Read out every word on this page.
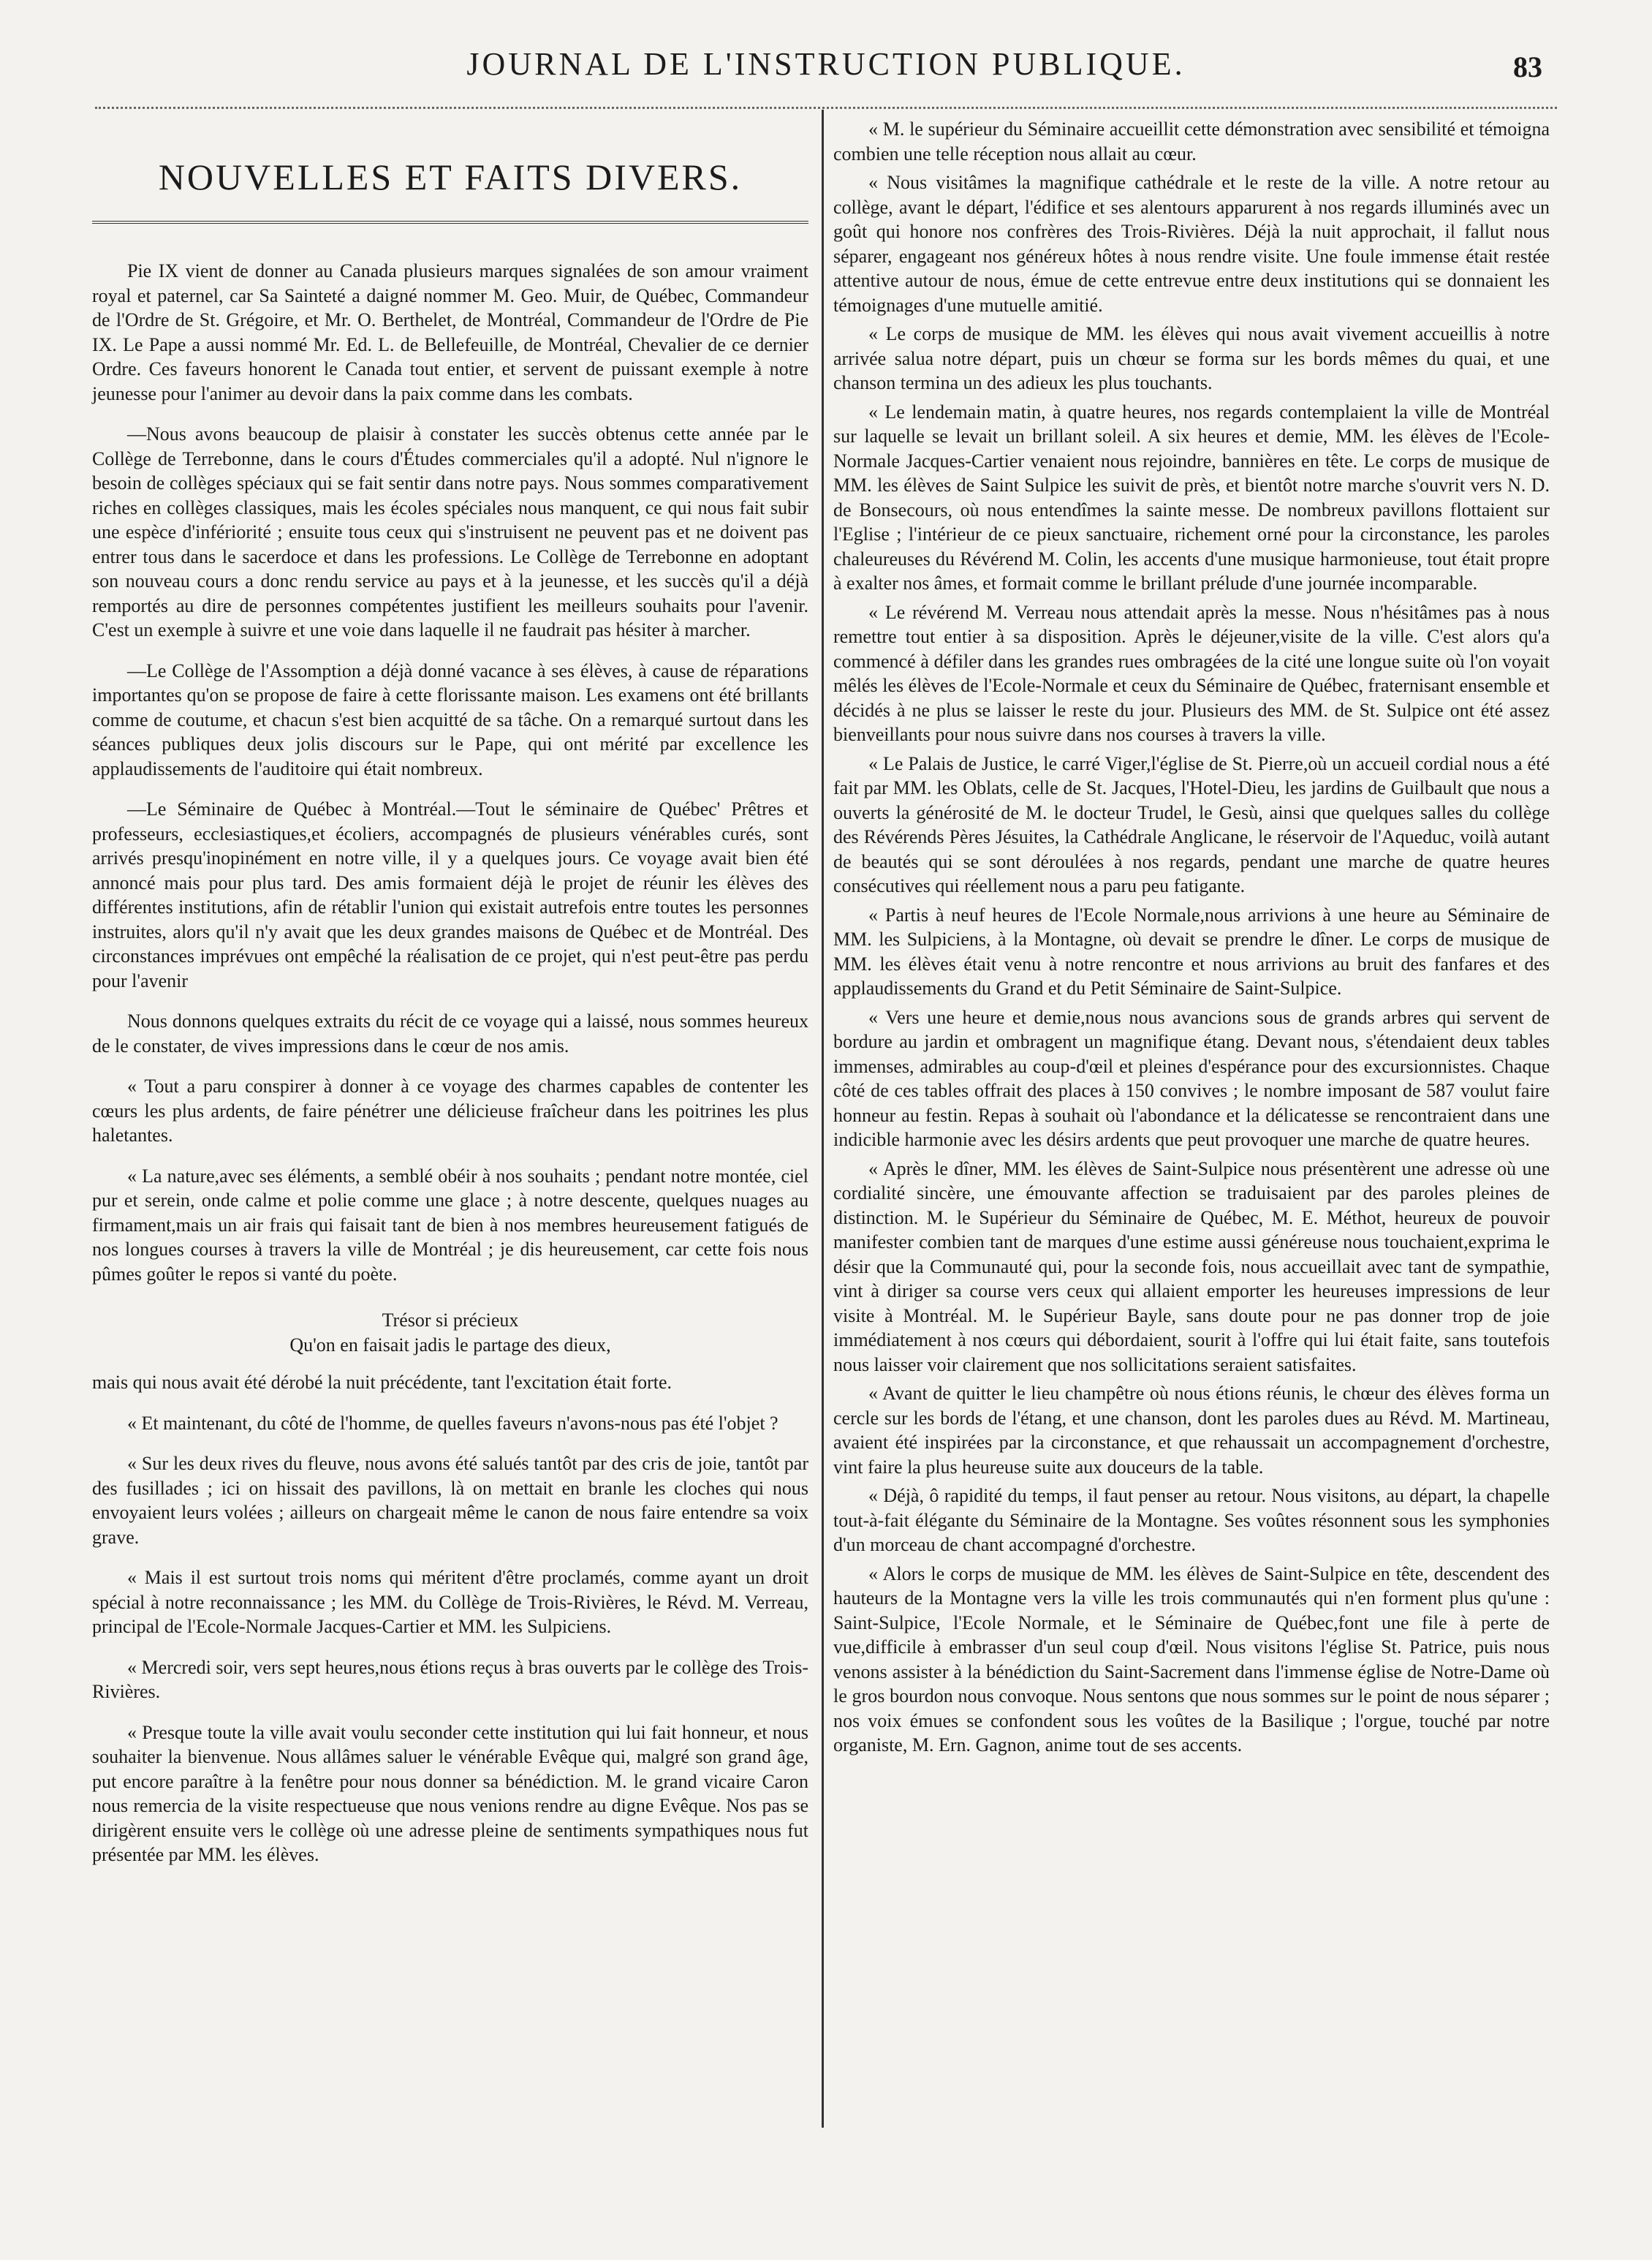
JOURNAL DE L'INSTRUCTION PUBLIQUE.	83
NOUVELLES ET FAITS DIVERS.

Pie IX vient de donner au Canada plusieurs marques signalées de son amour vraiment royal et paternel, car Sa Sainteté a daigné nommer M. Geo. Muir, de Québec, Commandeur de l'Ordre de St. Grégoire, et Mr. O. Berthelet, de Montréal, Commandeur de l'Ordre de Pie IX. Le Pape a aussi nommé Mr. Ed. L. de Bellefeuille, de Montréal, Chevalier de ce dernier Ordre. Ces faveurs honorent le Canada tout entier, et servent de puissant exemple à notre jeunesse pour l'animer au devoir dans la paix comme dans les combats.

—Nous avons beaucoup de plaisir à constater les succès obtenus cette année par le Collège de Terrebonne, dans le cours d'Études commerciales qu'il a adopté. Nul n'ignore le besoin de collèges spéciaux qui se fait sentir dans notre pays. Nous sommes comparativement riches en collèges classiques, mais les écoles spéciales nous manquent, ce qui nous fait subir une espèce d'infériorité ; ensuite tous ceux qui s'instruisent ne peuvent pas et ne doivent pas entrer tous dans le sacerdoce et dans les professions. Le Collège de Terrebonne en adoptant son nouveau cours a donc rendu service au pays et à la jeunesse, et les succès qu'il a déjà remportés au dire de personnes compétentes justifient les meilleurs souhaits pour l'avenir. C'est un exemple à suivre et une voie dans laquelle il ne faudrait pas hésiter à marcher.

—Le Collège de l'Assomption a déjà donné vacance à ses élèves, à cause de réparations importantes qu'on se propose de faire à cette florissante maison. Les examens ont été brillants comme de coutume, et chacun s'est bien acquitté de sa tâche. On a remarqué surtout dans les séances publiques deux jolis discours sur le Pape, qui ont mérité par excellence les applaudissements de l'auditoire qui était nombreux.

—Le Séminaire de Québec à Montréal.—Tout le séminaire de Québec' Prêtres et professeurs, ecclesiastiques,et écoliers, accompagnés de plusieurs vénérables curés, sont arrivés presqu'inopinément en notre ville, il y a quelques jours. Ce voyage avait bien été annoncé mais pour plus tard. Des amis formaient déjà le projet de réunir les élèves des différentes institutions, afin de rétablir l'union qui existait autrefois entre toutes les personnes instruites, alors qu'il n'y avait que les deux grandes maisons de Québec et de Montréal. Des circonstances imprévues ont empêché la réalisation de ce projet, qui n'est peut-être pas perdu pour l'avenir

Nous donnons quelques extraits du récit de ce voyage qui a laissé, nous sommes heureux de le constater, de vives impressions dans le cœur de nos amis.

« Tout a paru conspirer à donner à ce voyage des charmes capables de contenter les cœurs les plus ardents, de faire pénétrer une délicieuse fraîcheur dans les poitrines les plus haletantes.

« La nature,avec ses éléments, a semblé obéir à nos souhaits ; pendant notre montée, ciel pur et serein, onde calme et polie comme une glace ; à notre descente, quelques nuages au firmament,mais un air frais qui faisait tant de bien à nos membres heureusement fatigués de nos longues courses à travers la ville de Montréal ; je dis heureusement, car cette fois nous pûmes goûter le repos si vanté du poète.

Trésor si précieux
Qu'on en faisait jadis le partage des dieux,

mais qui nous avait été dérobé la nuit précédente, tant l'excitation était forte.

« Et maintenant, du côté de l'homme, de quelles faveurs n'avons-nous pas été l'objet ?

« Sur les deux rives du fleuve, nous avons été salués tantôt par des cris de joie, tantôt par des fusillades ; ici on hissait des pavillons, là on mettait en branle les cloches qui nous envoyaient leurs volées ; ailleurs on chargeait même le canon de nous faire entendre sa voix grave.

« Mais il est surtout trois noms qui méritent d'être proclamés, comme ayant un droit spécial à notre reconnaissance ; les MM. du Collège de Trois-Rivières, le Révd. M. Verreau, principal de l'Ecole-Normale Jacques-Cartier et MM. les Sulpiciens.

« Mercredi soir, vers sept heures,nous étions reçus à bras ouverts par le collège des Trois-Rivières.

« Presque toute la ville avait voulu seconder cette institution qui lui fait honneur, et nous souhaiter la bienvenue. Nous allâmes saluer le vénérable Evêque qui, malgré son grand âge, put encore paraître à la fenêtre pour nous donner sa bénédiction. M. le grand vicaire Caron nous remercia de la visite respectueuse que nous venions rendre au digne Evêque. Nos pas se dirigèrent ensuite vers le collège où une adresse pleine de sentiments sympathiques nous fut présentée par MM. les élèves.

« M. le supérieur du Séminaire accueillit cette démonstration avec sensibilité et témoigna combien une telle réception nous allait au cœur.

« Nous visitâmes la magnifique cathédrale et le reste de la ville. A notre retour au collège, avant le départ, l'édifice et ses alentours apparurent à nos regards illuminés avec un goût qui honore nos confrères des Trois-Rivières. Déjà la nuit approchait, il fallut nous séparer, engageant nos généreux hôtes à nous rendre visite. Une foule immense était restée attentive autour de nous, émue de cette entrevue entre deux institutions qui se donnaient les témoignages d'une mutuelle amitié.

« Le corps de musique de MM. les élèves qui nous avait vivement accueillis à notre arrivée salua notre départ, puis un chœur se forma sur les bords mêmes du quai, et une chanson termina un des adieux les plus touchants.

« Le lendemain matin, à quatre heures, nos regards contemplaient la ville de Montréal sur laquelle se levait un brillant soleil. A six heures et demie, MM. les élèves de l'Ecole-Normale Jacques-Cartier venaient nous rejoindre, bannières en tête. Le corps de musique de MM. les élèves de Saint Sulpice les suivit de près, et bientôt notre marche s'ouvrit vers N. D. de Bonsecours, où nous entendîmes la sainte messe. De nombreux pavillons flottaient sur l'Eglise ; l'intérieur de ce pieux sanctuaire, richement orné pour la circonstance, les paroles chaleureuses du Révérend M. Colin, les accents d'une musique harmonieuse, tout était propre à exalter nos âmes, et formait comme le brillant prélude d'une journée incomparable.

« Le révérend M. Verreau nous attendait après la messe. Nous n'hésitâmes pas à nous remettre tout entier à sa disposition. Après le déjeuner,visite de la ville. C'est alors qu'a commencé à défiler dans les grandes rues ombragées de la cité une longue suite où l'on voyait mêlés les élèves de l'Ecole-Normale et ceux du Séminaire de Québec, fraternisant ensemble et décidés à ne plus se laisser le reste du jour. Plusieurs des MM. de St. Sulpice ont été assez bienveillants pour nous suivre dans nos courses à travers la ville.

« Le Palais de Justice, le carré Viger,l'église de St. Pierre,où un accueil cordial nous a été fait par MM. les Oblats, celle de St. Jacques, l'Hotel-Dieu, les jardins de Guilbault que nous a ouverts la générosité de M. le docteur Trudel, le Gesù, ainsi que quelques salles du collège des Révérends Pères Jésuites, la Cathédrale Anglicane, le réservoir de l'Aqueduc, voilà autant de beautés qui se sont déroulées à nos regards, pendant une marche de quatre heures consécutives qui réellement nous a paru peu fatigante.

« Partis à neuf heures de l'Ecole Normale,nous arrivions à une heure au Séminaire de MM. les Sulpiciens, à la Montagne, où devait se prendre le dîner. Le corps de musique de MM. les élèves était venu à notre rencontre et nous arrivions au bruit des fanfares et des applaudissements du Grand et du Petit Séminaire de Saint-Sulpice.

« Vers une heure et demie,nous nous avancions sous de grands arbres qui servent de bordure au jardin et ombragent un magnifique étang. Devant nous, s'étendaient deux tables immenses, admirables au coup-d'œil et pleines d'espérance pour des excursionnistes. Chaque côté de ces tables offrait des places à 150 convives ; le nombre imposant de 587 voulut faire honneur au festin. Repas à souhait où l'abondance et la délicatesse se rencontraient dans une indicible harmonie avec les désirs ardents que peut provoquer une marche de quatre heures.

« Après le dîner, MM. les élèves de Saint-Sulpice nous présentèrent une adresse où une cordialité sincère, une émouvante affection se traduisaient par des paroles pleines de distinction. M. le Supérieur du Séminaire de Québec, M. E. Méthot, heureux de pouvoir manifester combien tant de marques d'une estime aussi généreuse nous touchaient,exprima le désir que la Communauté qui, pour la seconde fois, nous accueillait avec tant de sympathie, vint à diriger sa course vers ceux qui allaient emporter les heureuses impressions de leur visite à Montréal. M. le Supérieur Bayle, sans doute pour ne pas donner trop de joie immédiatement à nos cœurs qui débordaient, sourit à l'offre qui lui était faite, sans toutefois nous laisser voir clairement que nos sollicitations seraient satisfaites.

« Avant de quitter le lieu champêtre où nous étions réunis, le chœur des élèves forma un cercle sur les bords de l'étang, et une chanson, dont les paroles dues au Révd. M. Martineau, avaient été inspirées par la circonstance, et que rehaussait un accompagnement d'orchestre, vint faire la plus heureuse suite aux douceurs de la table.

« Déjà, ô rapidité du temps, il faut penser au retour. Nous visitons, au départ, la chapelle tout-à-fait élégante du Séminaire de la Montagne. Ses voûtes résonnent sous les symphonies d'un morceau de chant accompagné d'orchestre.

« Alors le corps de musique de MM. les élèves de Saint-Sulpice en tête, descendent des hauteurs de la Montagne vers la ville les trois communautés qui n'en forment plus qu'une : Saint-Sulpice, l'Ecole Normale, et le Séminaire de Québec,font une file à perte de vue,difficile à embrasser d'un seul coup d'œil. Nous visitons l'église St. Patrice, puis nous venons assister à la bénédiction du Saint-Sacrement dans l'immense église de Notre-Dame où le gros bourdon nous convoque. Nous sentons que nous sommes sur le point de nous séparer ; nos voix émues se confondent sous les voûtes de la Basilique ; l'orgue, touché par notre organiste, M. Ern. Gagnon, anime tout de ses accents.
